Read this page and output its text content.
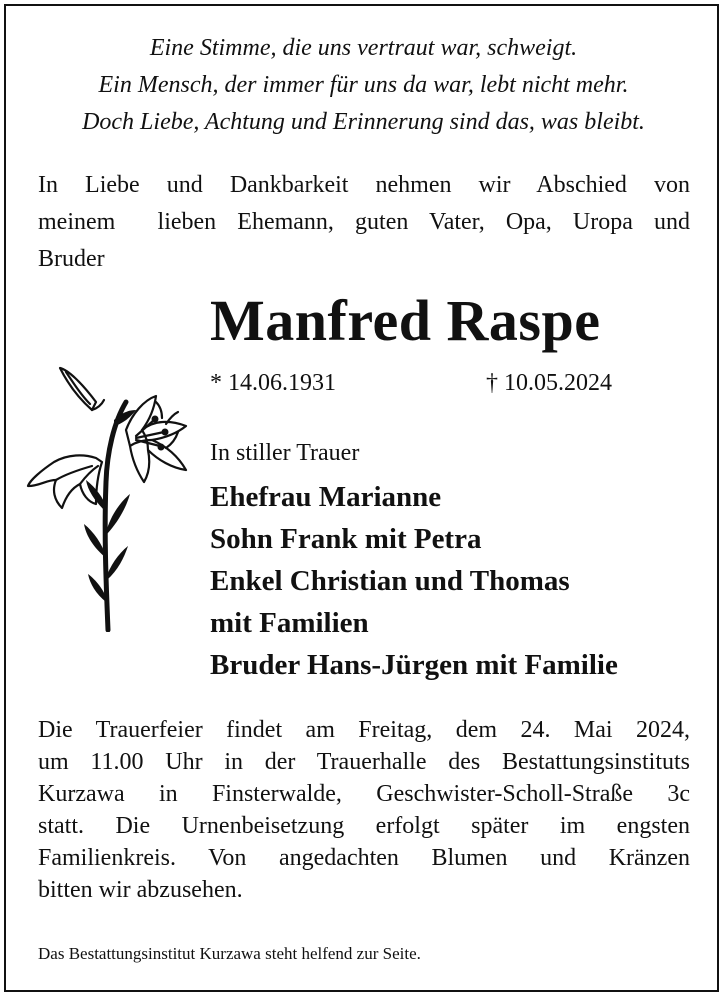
Eine Stimme, die uns vertraut war, schweigt.
Ein Mensch, der immer für uns da war, lebt nicht mehr.
Doch Liebe, Achtung und Erinnerung sind das, was bleibt.
In Liebe und Dankbarkeit nehmen wir Abschied von
meinem  lieben Ehemann, guten Vater, Opa, Uropa und
Bruder
Manfred Raspe
* 14.06.1931	† 10.05.2024
In stiller Trauer
Ehefrau Marianne
Sohn Frank mit Petra
Enkel Christian und Thomas
mit Familien
Bruder Hans-Jürgen mit Familie
Die Trauerfeier findet am Freitag, dem 24. Mai 2024,
um 11.00 Uhr in der Trauerhalle des Bestattungsinstituts
Kurzawa in Finsterwalde, Geschwister-Scholl-Straße 3c
statt. Die Urnenbeisetzung erfolgt später im engsten
Familienkreis. Von angedachten Blumen und Kränzen
bitten wir abzusehen.
Das Bestattungsinstitut Kurzawa steht helfend zur Seite.
